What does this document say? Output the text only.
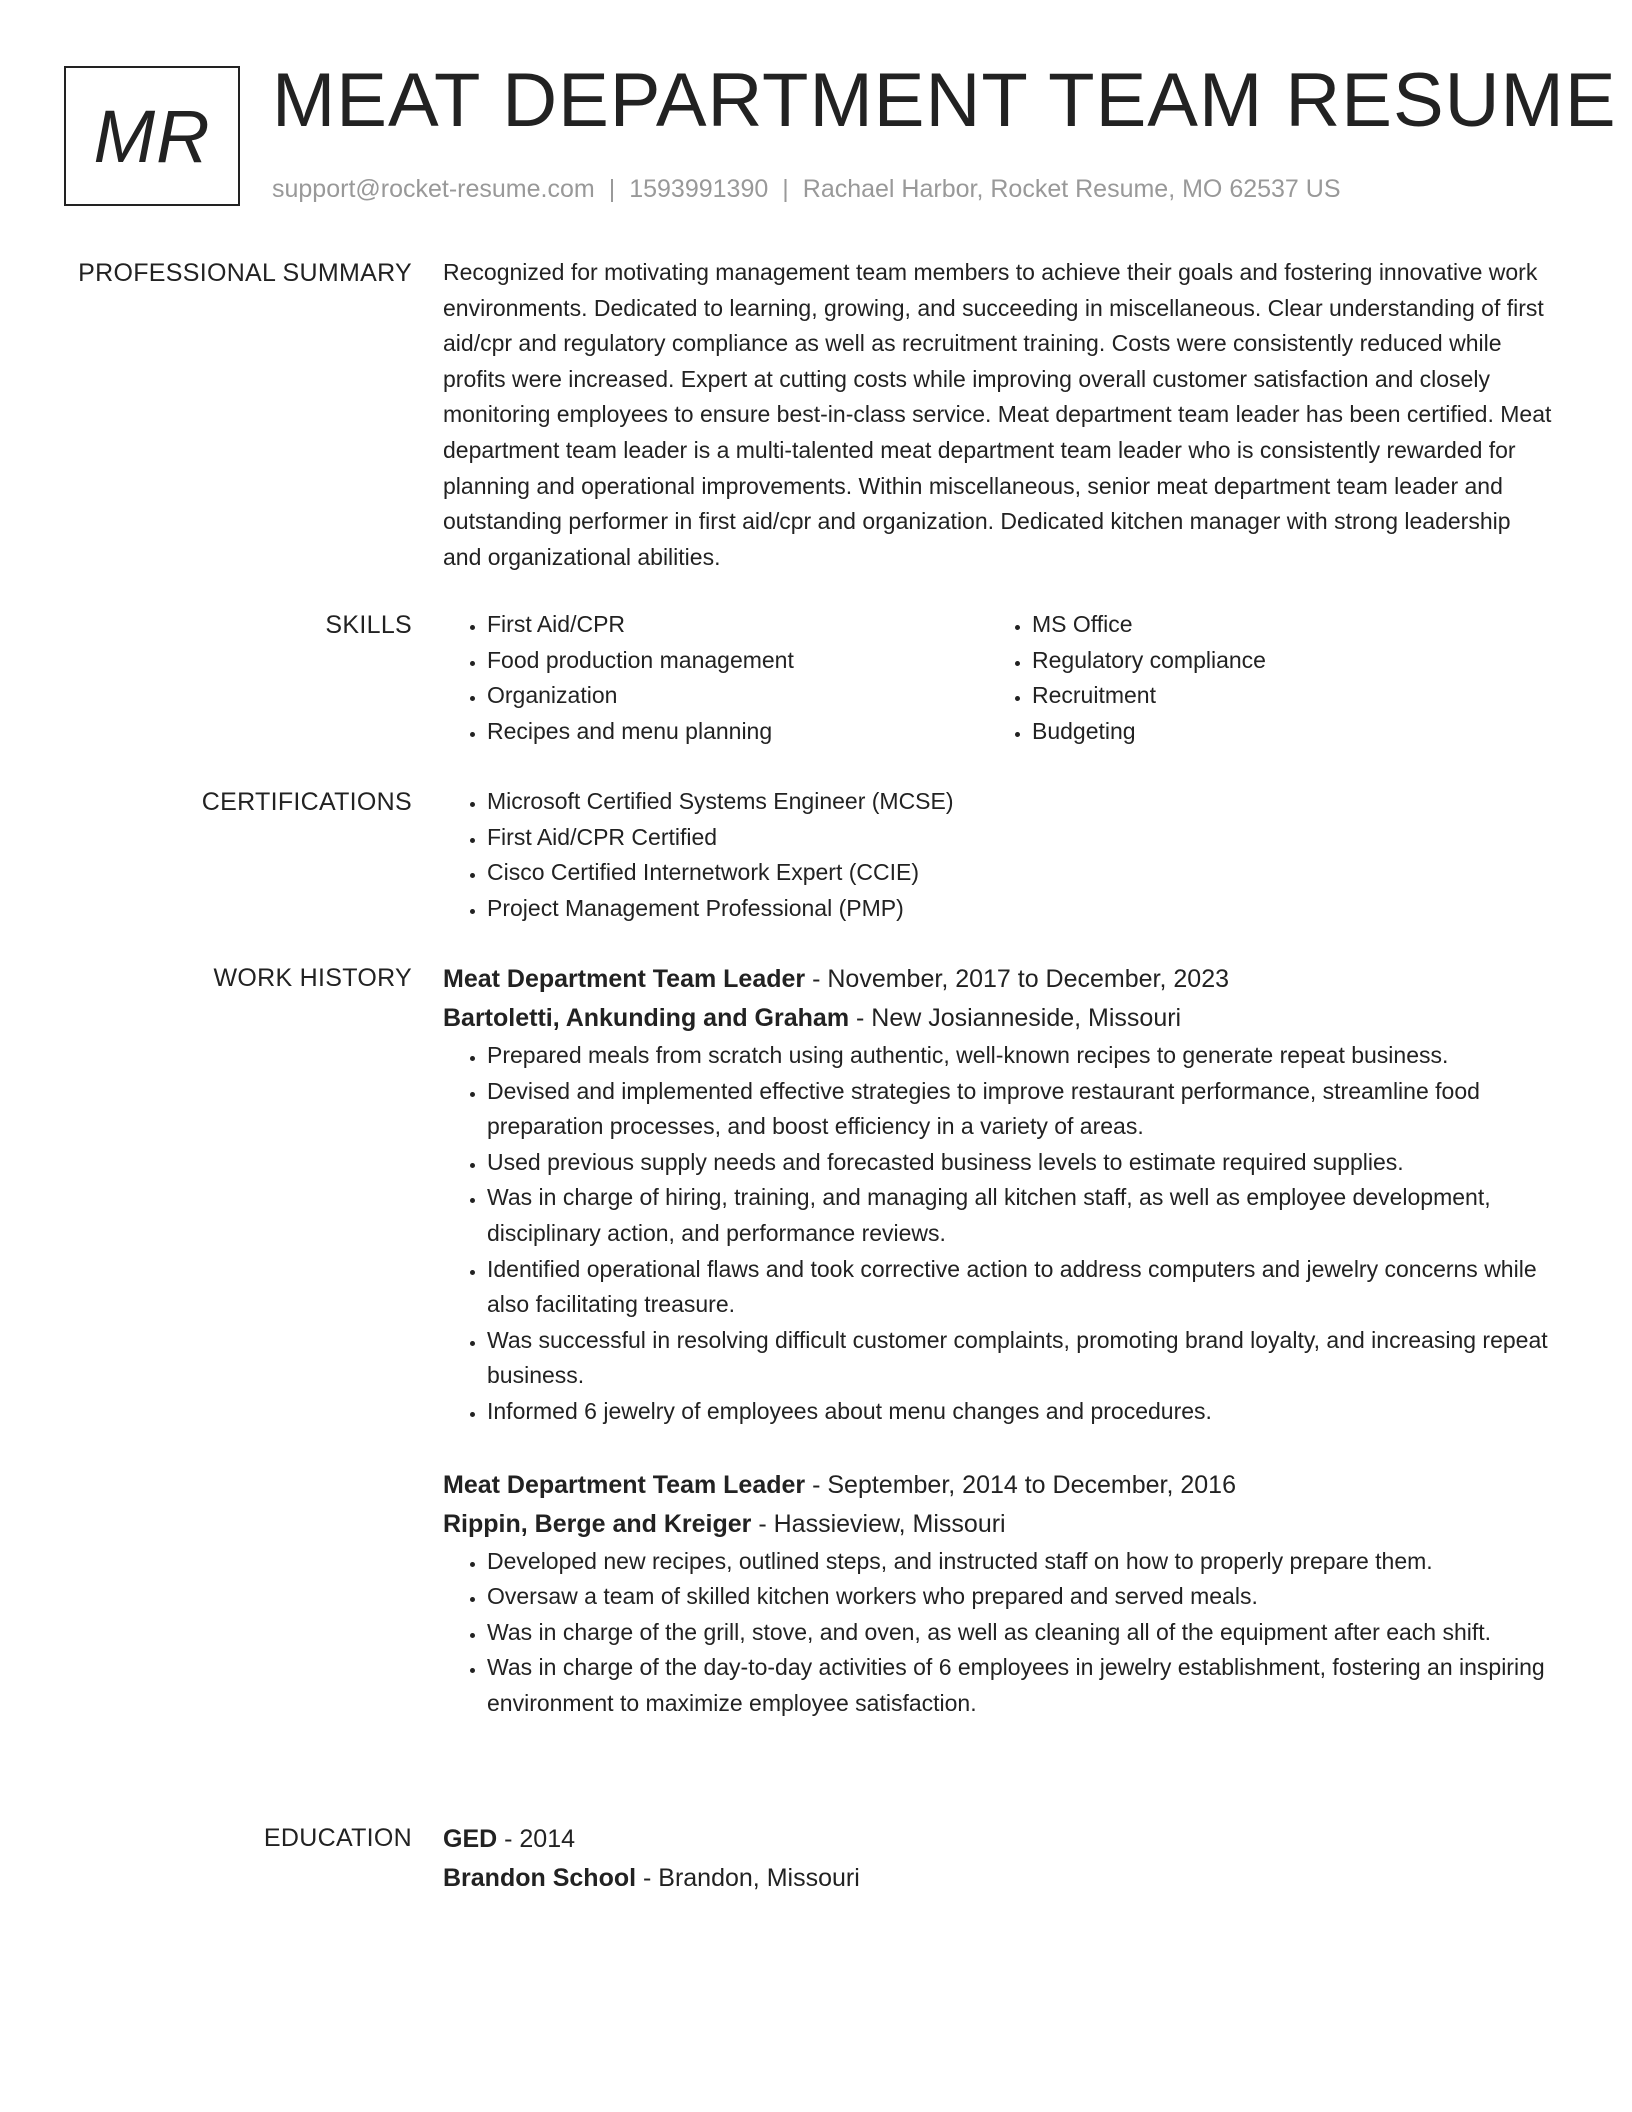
MR MEAT DEPARTMENT TEAM RESUME
support@rocket-resume.com | 1593991390 | Rachael Harbor, Rocket Resume, MO 62537 US
PROFESSIONAL SUMMARY Recognized for motivating management team members to achieve their goals and fostering innovative work environments. Dedicated to learning, growing, and succeeding in miscellaneous. Clear understanding of first aid/cpr and regulatory compliance as well as recruitment training. Costs were consistently reduced while profits were increased. Expert at cutting costs while improving overall customer satisfaction and closely monitoring employees to ensure best-in-class service. Meat department team leader has been certified. Meat department team leader is a multi-talented meat department team leader who is consistently rewarded for planning and operational improvements. Within miscellaneous, senior meat department team leader and outstanding performer in first aid/cpr and organization. Dedicated kitchen manager with strong leadership and organizational abilities.

SKILLS	• First Aid/CPR
• Food production management
• Organization
• Recipes and menu planning
• MS Office
• Regulatory compliance
• Recruitment
• Budgeting
CERTIFICATIONS	• Microsoft Certified Systems Engineer (MCSE)
• First Aid/CPR Certified
• Cisco Certified Internetwork Expert (CCIE)
• Project Management Professional (PMP)
WORK HISTORY Meat Department Team Leader - November, 2017 to December, 2023
Bartoletti, Ankunding and Graham - New Josianneside, Missouri
• Prepared meals from scratch using authentic, well-known recipes to generate repeat business.
• Devised and implemented effective strategies to improve restaurant performance, streamline food preparation processes, and boost efficiency in a variety of areas.
• Used previous supply needs and forecasted business levels to estimate required supplies.
• Was in charge of hiring, training, and managing all kitchen staff, as well as employee development, disciplinary action, and performance reviews.
• Identified operational flaws and took corrective action to address computers and jewelry concerns while also facilitating treasure.
• Was successful in resolving difficult customer complaints, promoting brand loyalty, and increasing repeat business.
• Informed 6 jewelry of employees about menu changes and procedures.
Meat Department Team Leader - September, 2014 to December, 2016
Rippin, Berge and Kreiger - Hassieview, Missouri
• Developed new recipes, outlined steps, and instructed staff on how to properly prepare them.
• Oversaw a team of skilled kitchen workers who prepared and served meals.
• Was in charge of the grill, stove, and oven, as well as cleaning all of the equipment after each shift.
• Was in charge of the day-to-day activities of 6 employees in jewelry establishment, fostering an inspiring environment to maximize employee satisfaction.
EDUCATION GED - 2014
Brandon School - Brandon, Missouri
